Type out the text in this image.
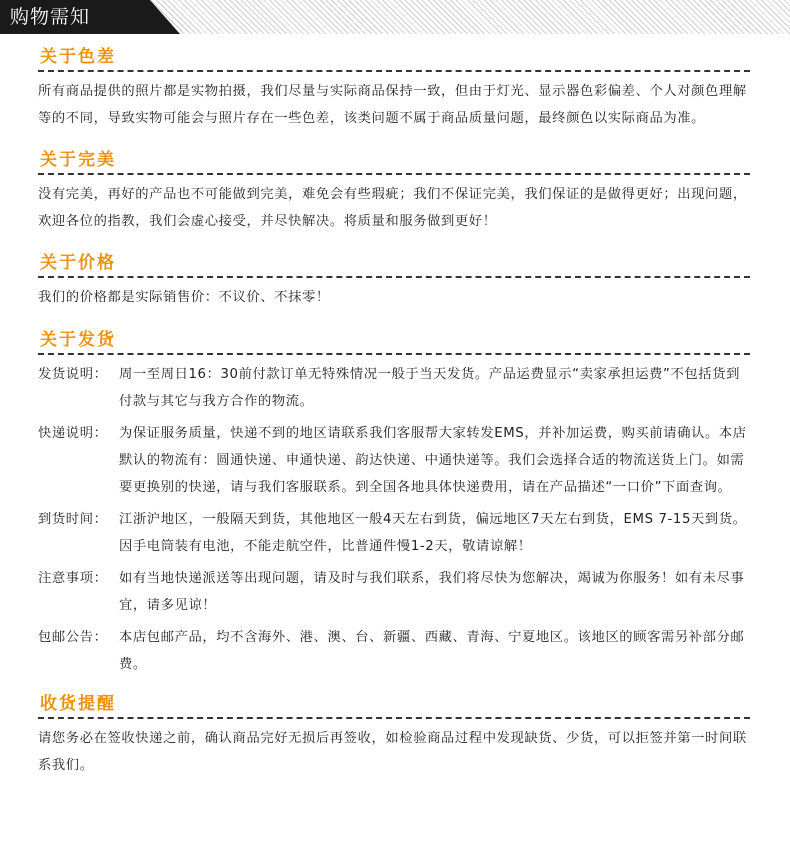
购物需知
关于色差

所有商品提供的照片都是实物拍摄，我们尽量与实际商品保持一致，但由于灯光、显示器色彩偏差、个人对颜色理解等的不同，导致实物可能会与照片存在一些色差，该类问题不属于商品质量问题，最终颜色以实际商品为准。

关于完美

没有完美，再好的产品也不可能做到完美，难免会有些瑕疵；我们不保证完美，我们保证的是做得更好；出现问题，欢迎各位的指教，我们会虚心接受，并尽快解决。将质量和服务做到更好！

关于价格

我们的价格都是实际销售价：不议价、不抹零！

关于发货
发货说明： 周一至周日16：30前付款订单无特殊情况一般于当天发货。产品运费显示“卖家承担运费”不包括货到付款与其它与我方合作的物流。
快递说明： 为保证服务质量，快递不到的地区请联系我们客服帮大家转发EMS，并补加运费，购买前请确认。本店默认的物流有：圆通快递、申通快递、韵达快递、中通快递等。我们会选择合适的物流送货上门。如需要更换别的快递，请与我们客服联系。到全国各地具体快递费用，请在产品描述“一口价”下面查询。
到货时间： 江浙沪地区，一般隔天到货，其他地区一般4天左右到货，偏远地区7天左右到货，EMS 7-15天到货。因手电筒装有电池，不能走航空件，比普通件慢1-2天，敬请谅解！
注意事项： 如有当地快递派送等出现问题，请及时与我们联系，我们将尽快为您解决，竭诚为你服务！如有未尽事宜，请多见谅！
包邮公告： 本店包邮产品，均不含海外、港、澳、台、新疆、西藏、青海、宁夏地区。该地区的顾客需另补部分邮费。
收货提醒

请您务必在签收快递之前，确认商品完好无损后再签收，如检验商品过程中发现缺货、少货，可以拒签并第一时间联系我们。
